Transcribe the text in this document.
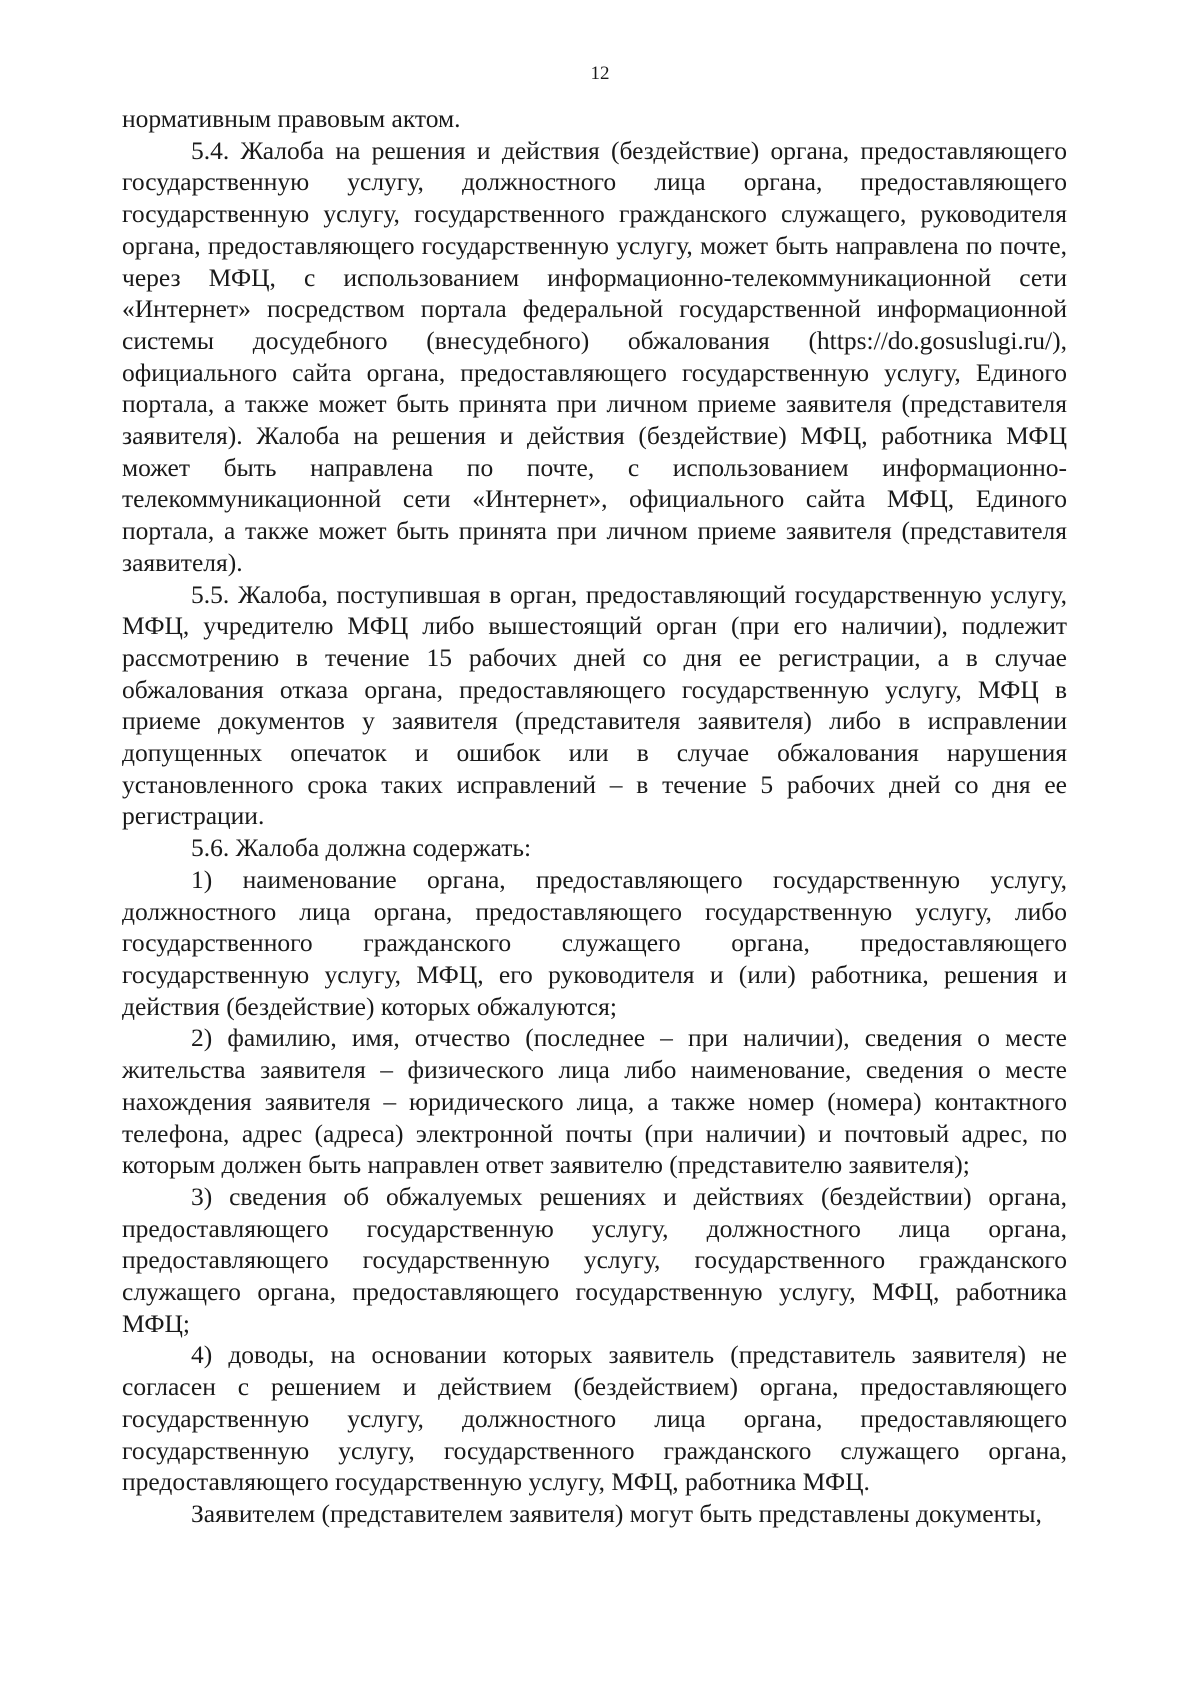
12

нормативным правовым актом.

5.4. Жалоба на решения и действия (бездействие) органа, предоставляющего государственную услугу, должностного лица органа, предоставляющего государственную услугу, государственного гражданского служащего, руководителя органа, предоставляющего государственную услугу, может быть направлена по почте, через МФЦ, с использованием информационно-телекоммуникационной сети «Интернет» посредством портала федеральной государственной информационной системы досудебного (внесудебного) обжалования (https://do.gosuslugi.ru/), официального сайта органа, предоставляющего государственную услугу, Единого портала, а также может быть принята при личном приеме заявителя (представителя заявителя). Жалоба на решения и действия (бездействие) МФЦ, работника МФЦ может быть направлена по почте, с использованием информационно-телекоммуникационной сети «Интернет», официального сайта МФЦ, Единого портала, а также может быть принята при личном приеме заявителя (представителя заявителя).

5.5. Жалоба, поступившая в орган, предоставляющий государственную услугу, МФЦ, учредителю МФЦ либо вышестоящий орган (при его наличии), подлежит рассмотрению в течение 15 рабочих дней со дня ее регистрации, а в случае обжалования отказа органа, предоставляющего государственную услугу, МФЦ в приеме документов у заявителя (представителя заявителя) либо в исправлении допущенных опечаток и ошибок или в случае обжалования нарушения установленного срока таких исправлений – в течение 5 рабочих дней со дня ее регистрации.

5.6. Жалоба должна содержать:

1) наименование органа, предоставляющего государственную услугу, должностного лица органа, предоставляющего государственную услугу, либо государственного гражданского служащего органа, предоставляющего государственную услугу, МФЦ, его руководителя и (или) работника, решения и действия (бездействие) которых обжалуются;

2) фамилию, имя, отчество (последнее – при наличии), сведения о месте жительства заявителя – физического лица либо наименование, сведения о месте нахождения заявителя – юридического лица, а также номер (номера) контактного телефона, адрес (адреса) электронной почты (при наличии) и почтовый адрес, по которым должен быть направлен ответ заявителю (представителю заявителя);

3) сведения об обжалуемых решениях и действиях (бездействии) органа, предоставляющего государственную услугу, должностного лица органа, предоставляющего государственную услугу, государственного гражданского служащего органа, предоставляющего государственную услугу, МФЦ, работника МФЦ;

4) доводы, на основании которых заявитель (представитель заявителя) не согласен с решением и действием (бездействием) органа, предоставляющего государственную услугу, должностного лица органа, предоставляющего государственную услугу, государственного гражданского служащего органа, предоставляющего государственную услугу, МФЦ, работника МФЦ.

Заявителем (представителем заявителя) могут быть представлены документы,
